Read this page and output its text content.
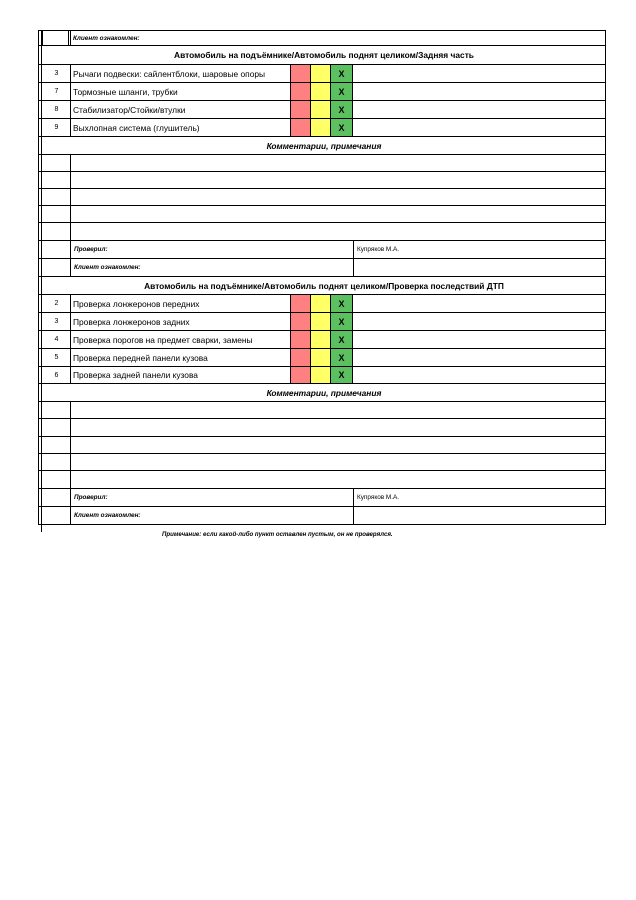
Клиент ознакомлен:
Автомобиль на подъёмнике/Автомобиль поднят целиком/Задняя часть
3	Рычаги подвески: сайлентблоки, шаровые опоры	X
7	Тормозные шланги, трубки	X
8	Стабилизатор/Стойки/втулки	X
9	Выхлопная система (глушитель)	X
Комментарии, примечания
Проверил:	Купряков М.А.
Клиент ознакомлен:
Автомобиль на подъёмнике/Автомобиль поднят целиком/Проверка последствий ДТП
2	Проверка лонжеронов передних	X
3	Проверка лонжеронов задних	X
4	Проверка порогов на предмет сварки, замены	X
5	Проверка передней панели кузова	X
6	Проверка задней панели кузова	X
Комментарии, примечания
Проверил:	Купряков М.А.
Клиент ознакомлен:
Примечание: если какой-либо пункт оставлен пустым, он не проверялся.
